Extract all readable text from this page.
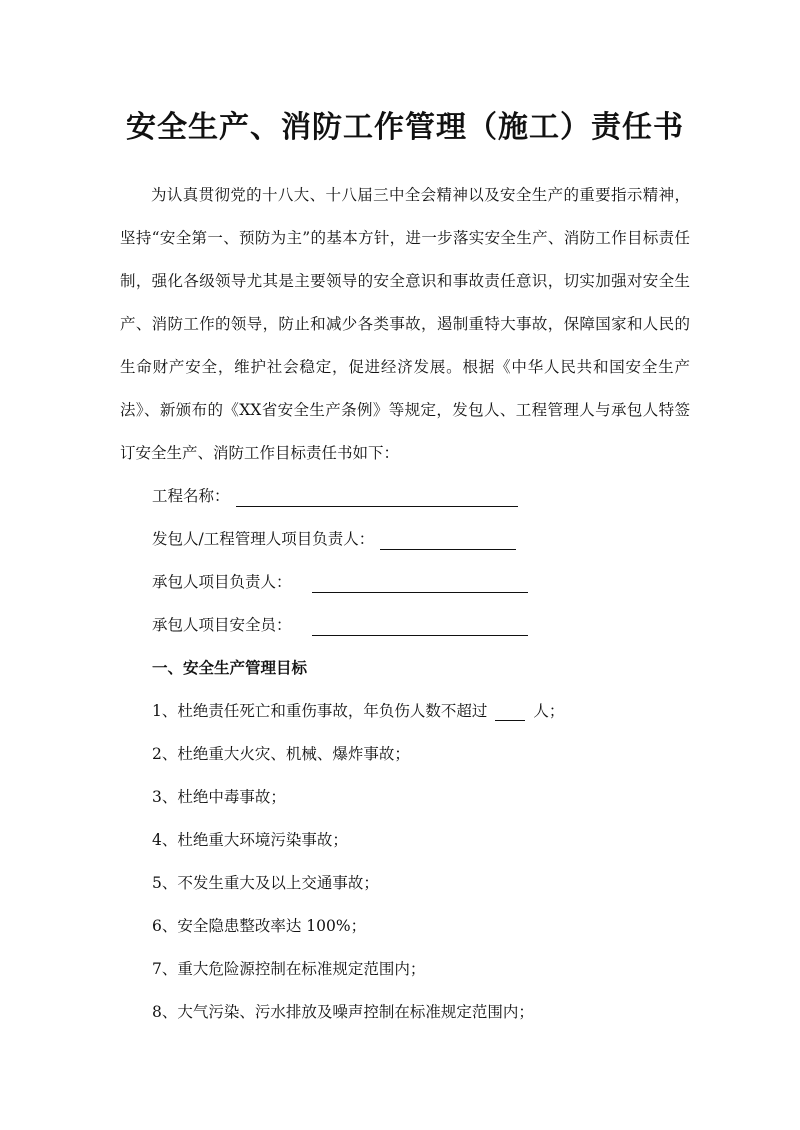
安全生产、消防工作管理（施工）责任书

为认真贯彻党的十八大、十八届三中全会精神以及安全生产的重要指示精神，坚持“安全第一、预防为主”的基本方针，进一步落实安全生产、消防工作目标责任制，强化各级领导尤其是主要领导的安全意识和事故责任意识，切实加强对安全生产、消防工作的领导，防止和减少各类事故，遏制重特大事故，保障国家和人民的生命财产安全，维护社会稳定，促进经济发展。根据《中华人民共和国安全生产法》、新颁布的《XX省安全生产条例》等规定，发包人、工程管理人与承包人特签订安全生产、消防工作目标责任书如下：

工程名称：
发包人/工程管理人项目负责人：
承包人项目负责人：
承包人项目安全员：
一、安全生产管理目标
1、杜绝责任死亡和重伤事故，年负伤人数不超过	人；
2、杜绝重大火灾、机械、爆炸事故；
3、杜绝中毒事故；
4、杜绝重大环境污染事故；
5、不发生重大及以上交通事故；
6、安全隐患整改率达 100%；
7、重大危险源控制在标准规定范围内；
8、大气污染、污水排放及噪声控制在标准规定范围内；
